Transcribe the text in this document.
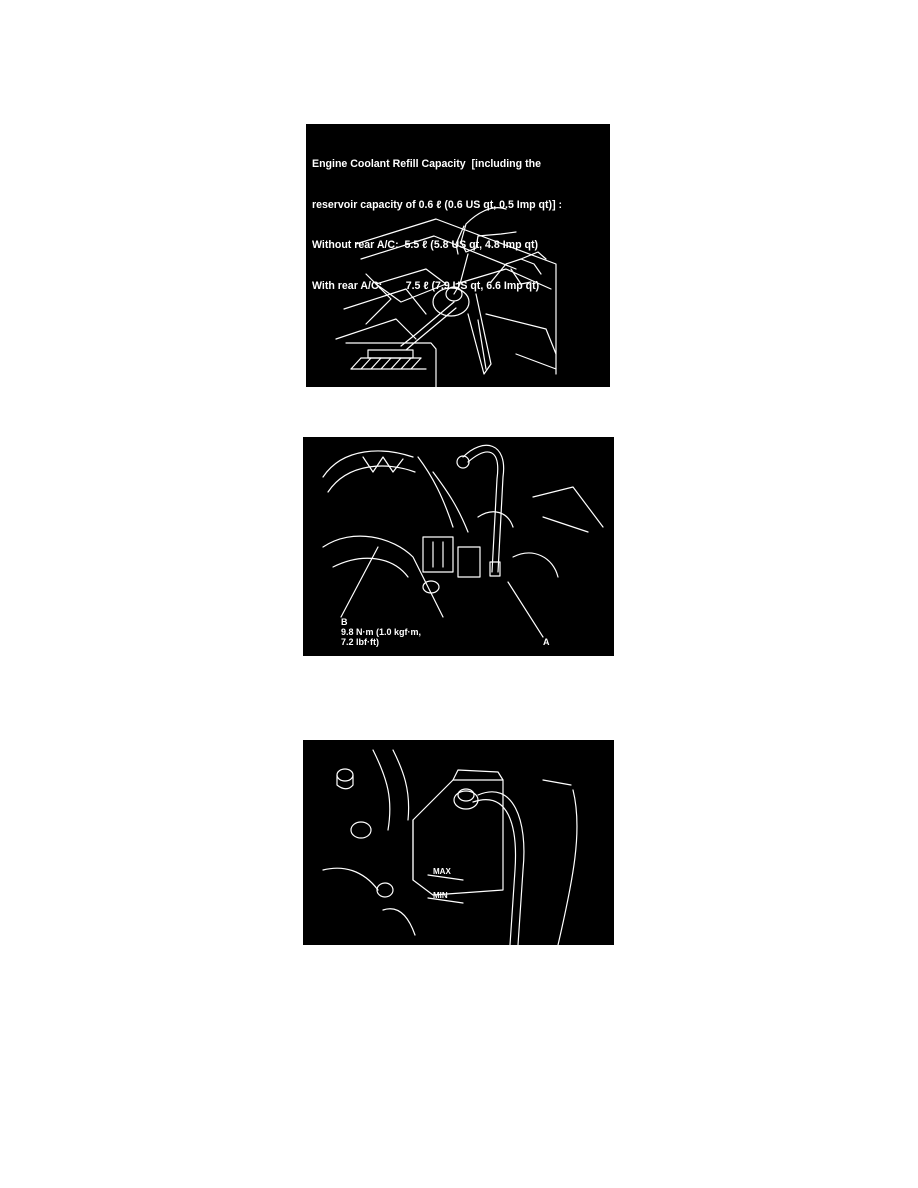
Engine Coolant Refill Capacity  [including the

reservoir capacity of 0.6 ℓ (0.6 US qt, 0.5 Imp qt)] :

Without rear A/C:  5.5 ℓ (5.8 US qt, 4.8 Imp qt)

With rear A/C:        7.5 ℓ (7.9 US qt, 6.6 Imp qt)

B
9.8 N·m (1.0 kgf·m,
7.2 lbf·ft)	A
MAX
MIN
